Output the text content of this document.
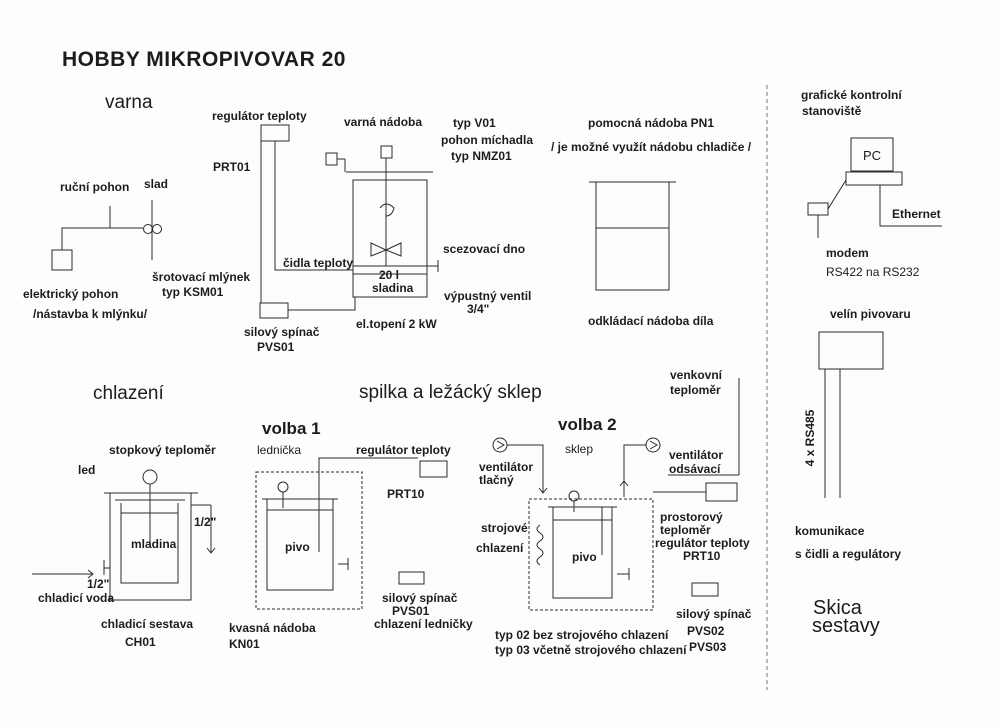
HOBBY MIKROPIVOVAR 20
varna
chlazení	spilka a ležácký sklep
volba 1	volba 2
ruční pohon slad
elektrický pohon
/nástavba k mlýnku/
šrotovací mlýnek
typ KSM01
regulátor teploty
PRT01
čidla teploty
silový spínač
PVS01
varná nádoba	typ V01
pohon míchadla
typ NMZ01
20 l
sladina
scezovací dno
výpustný ventil
3/4"
el.topení 2 kW
pomocná nádoba PN1
/ je možné využít nádobu chladiče /
odkládací nádoba díla
grafické kontrolní
stanoviště
PC
Ethernet
modem
RS422 na RS232
velín pivovaru
4 x RS485
komunikace
s čidli a regulátory
Skica
sestavy
stopkový teploměr
led
mladina
1/2"
1/2"
chladicí voda
chladicí sestava
CH01
lednička	regulátor teploty
PRT10
pivo
silový spínač
PVS01
chlazení ledničky
kvasná nádoba
KN01
sklep
ventilátor
tlačný
ventilátor
odsávací
venkovní
teploměr
strojové
chlazení
pivo
prostorový
teploměr
regulátor teploty
PRT10
typ 02 bez strojového chlazení
typ 03 včetně strojového chlazení
silový spínač
PVS02
PVS03
